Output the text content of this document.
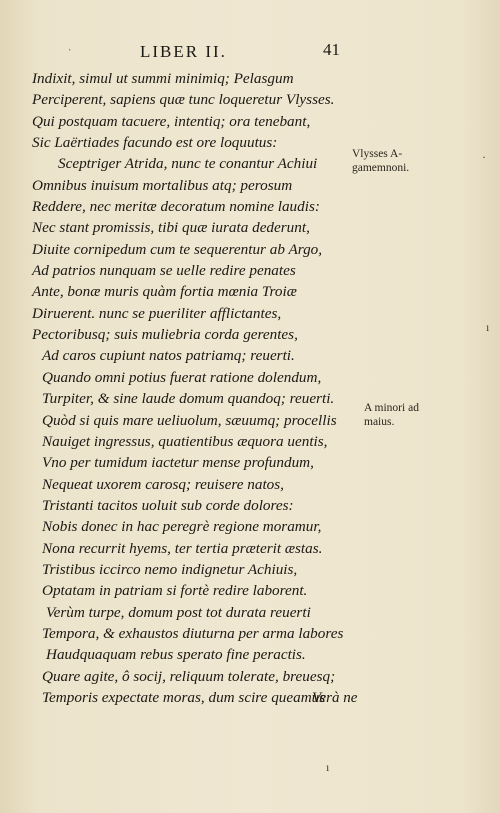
ˈ	LIBER II.	41
Indixit, simul ut summi minimiq; Pelasgum
Perciperent, sapiens quæ tunc loqueretur Vlysses.
Qui postquam tacuere, intentiq; ora tenebant,
Sic Laërtiades facundo est ore loquutus:
Sceptriger Atrida, nunc te conantur Achiui
Omnibus inuisum mortalibus atq; perosum
Reddere, nec meritæ decoratum nomine laudis:
Nec stant promissis, tibi quæ iurata dederunt,
Diuite cornipedum cum te sequerentur ab Argo,
Ad patrios nunquam se uelle redire penates
Ante, bonæ muris quàm fortia mœnia Troiæ
Diruerent. nunc se pueriliter afflictantes,
Pectoribusq; suis muliebria corda gerentes,
Ad caros cupiunt natos patriamq; reuerti.
Quando omni potius fuerat ratione dolendum,
Turpiter, & sine laude domum quandoq; reuerti.
Quòd si quis mare ueliuolum, sæuumq; procellis
Nauiget ingressus, quatientibus æquora uentis,
Vno per tumidum iactetur mense profundum,
Nequeat uxorem carosq; reuisere natos,
Tristanti tacitos uoluit sub corde dolores:
Nobis donec in hac peregrè regione moramur,
Nona recurrit hyems, ter tertia præterit æstas.
Tristibus iccirco nemo indignetur Achiuis,
Optatam in patriam si fortè redire laborent.
Verùm turpe, domum post tot durata reuerti
Tempora, & exhaustos diuturna per arma labores
Haudquaquam rebus sperato fine peractis.
Quare agite, ô socij, reliquum tolerate, breuesq;
Temporis expectate moras, dum scire queamus
Vlysses A-
gamemnoni.
A minori ad
maius.
Verà ne
ı
·
ı
